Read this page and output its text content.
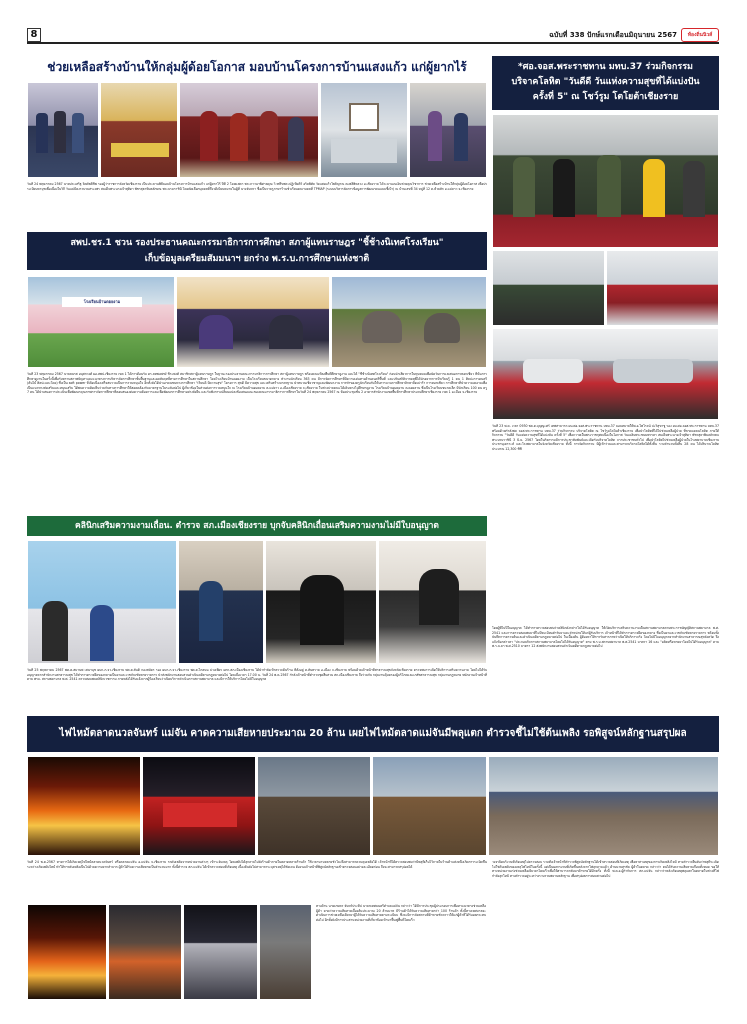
8	ฉบับที่ 338 ปักษ์แรกเดือนมิถุนายน 2567	ท้องถิ่นนิวส์
ช่วยเหลือสร้างบ้านให้กลุ่มผู้ด้อยโอกาส มอบบ้านโครงการบ้านแสงแก้ว แก่ผู้ยากไร้
วันที่ 24 พฤษภาคม 2567 นายประเสริฐ จิตต์พลีชีพ รองผู้ว่าราชการจังหวัดเชียงราย เป็นประธานพิธีมอบบ้านโครงการบ้านแสงแก้ว แก่ผู้ยากไร้ ปีที่ 2 โดยแสตา พระภาวนาพิศาลคุณ วิ.ฑทึฆพระปฏิเขียตีร์ อริยพิศัล วัดแสงแก้วโพธิญาณ ตะพลีพิหลวง อ.เชียงราย ได้ระบานงนเงินช่วยคุณวิชาการ ช่วยเหลือสร้างบ้านให้กลุ่มผู้ด้อยโอกาส เพื่อปรระเบียบหามุชเพื่อเนื่องในวิถี วันแม่มีคงรวบรมสระงพร สมเด็จพระนางเจ้าสุทิดา พัชรสุธาพิมลลักษณ พระบรมราชินี โดยคัดเลือกบุคคลที่ถึงวดีเบียนหมายในผู้ที่ นางจันทรา ชื่อเป็นรายรูภาษาร้านชั่วเรียนคณาบคลที่ TPMAP (ระบบบริหารจัดการข้อมูลการพัฒนาคนแบบชี้เป้า) ณ บ้านเลขที่ 34 หมู่ที่ 12 ต.ห้วยสัก อ.แม่ลาว จ.เชียงราย
*ศอ.จอส.พระราชทาน มทบ.37 ร่วมกิจกรรม
บริจาคโลหิต "วันดีดี วันแห่งความสุขที่ได้แบ่งปัน
ครั้งที่ 5" ณ โชว์รูม โตโยต้าเชียงราย
วันที่ 23 พ.ค. เวลา 0930 พล.ต.บุญญะศร์ เทพสามารถ ผบ.ศอ.จอส.พระราชทาน มทบ.37 มอบหมายให้พ.อ.ไพโรจน์ ปะวิสุขาชู รอง ผบ.ศอ.จอส.พระราชทาน มทบ.37 พร้อมด้วยกำลังพล จอส.พระราชทาน มทบ.37 ร่วมกิจกรรม บริจาคโลหิต ณ โชว์รูมโตโยต้าเชียงราย เพื่อนำโลหิตที่ได้ไปช่วยเหลือผู้ป่วย ที่ขาดแคลนโลหิต ภายใต้กิจกรรม "วันดีดี วันแห่งความสุขที่ได้แบ่งปัน ครั้งที่ 5" เพื่อถวายเป็นพระราชกุศลเนื่องในโอกาส วันเฉลิมพระชนมพรรษา สมเด็จพระนางเจ้าสุทิดา พัชรสุธาพิมลลักษณ พระบรมราชินี 3 มิ.ย. 2567 โดยในกิจกรรมมีการประชาสัมพันธ์และเปิดรับบริจาคโลหิต จากประชาชนทั่วไป เพื่อนำโลหิตไปช่วยเหลือผู้ป่วยในโรงพยาบาลเชียงรายประชานุเคราะห์ และโรงพยาบาลในจังหวัดเชียงราย ทั้งนี้ การจัดกิจกรรม มีผู้เข้าร่วมและสามารถบริจาคโลหิตได้ทั้งสิ้น รวมจำนวนทั้งสิ้น 28 คน ได้ปริมาณโลหิต ประมาณ 12,300 ซีซี
โดยผู้ที่ไม่ปีใบอนุญาต ได้ทำการตรวจสอบพบว่าคลินิกดังกล่าวไม่ได้รับอนุญาต ให้เปิดบริการเสริมความงามเป็นสถานพยาบาลตามพระราชบัญญัติสถานพยาบาล พ.ศ. 2541 และการตรวจสอบพบยาที่ไม่มีทะเบียนตำรับยาและจำหน่ายให้แก่ผู้รับบริการ เจ้าหน้าที่ได้ทำการตรวจยึดของกลาง ซึ่งเป็นยาและเวชภัณฑ์หลายรายการ พร้อมทั้งบันทึกการตรวจค้นและดำเนินคดีตามกฎหมายต่อไป ในเบื้องต้น ผู้ต้องหาให้การรับสารภาพว่าเปิดให้บริการจริง โดยไม่มีใบอนุญาตจากสำนักงานสาธารณสุขจังหวัด จึงแจ้งข้อกล่าวหา "ประกอบกิจการสถานพยาบาลโดยไม่ได้รับอนุญาต" ตาม พ.ร.บ.สถานพยาบาล พ.ศ.2541 มาตรา 16 และ "ผลิตหรือขายยาโดยไม่ได้รับอนุญาต" ตาม พ.ร.บ.ยา พ.ศ.2510 มาตรา 12 ส่งพนักงานสอบสวนดำเนินคดีตามกฎหมายต่อไป
สพป.ชร.1 ชวน รองประธานคณะกรรมาธิการการศึกษา สภาผู้แทนราษฎร "ชี้ช้างนิเทศโรงเรียน"
เก็บข้อมูลเตรียมสัมมนาฯ ยกร่าง พ.ร.บ.การศึกษาแห่งชาติ
โรงเรียนบ้านดอยงาม
วันที่ 23 พฤษภาคม 2567 นายธนรส อนุสกวงศ์ ผอ.สพป.เชียงราย เขต 1 ได้การต้อนรับ ดร.ลทพงศกษ์ ชีระพงศ์ สมาชิกสภาผู้แทนราษฎร ในฐานะรองประธานคณะกรรมาธิการการศึกษา สภาผู้แทนราษฎร พร้อมคณะที่ลงพื้นที่ศึกษาดูงาน และได้ "ชี้ช้างนิเทศโรงเรียน" ก่อนนำเสียวการในทุนหมมเพื่อนัดวันการแลเสนอการทอกเซียว ที่นั้นการศึกษาดูงานในครั้งนี้เพื่อรับทราบสภาพปัญหาและแนวทางการบริหารจัดการศึกษาขั้นพื้นฐานและผลสัมฤทธิ์ทางการศึกษาในสถานศึกษา โดยโรงเรียนบ้านดอยงาม เป็นโรงเรียนขนาดกลาง ทำงานนักเรียน 363 คน มีการจัดการศึกษาที่มีความเด่นทางด้านดนตรีพื้นที่ และปรับสถิติจากดลุพี่ได้นำอยากการมีรเรียนรู้ 1 คน 1 ศิลปะการดนตรี (ต้นไม้ ศิลปะและโดย) ซึ่งเป็น soft power ที่เปิดเนื่องเสร็จสมรวมเป็นการรวมหนุนใจ อีกทั้งยังได้นำเอาคนชนทางการศึกษา "เรียนดี มีความสุข" โครงการ สุขดี มีความสุข และเสริมสร้างมาตรฐาน นำทบวนเชี่ยวชาญและพัฒนางาน การทำของครูนักเรียนกับให้บการบวนการศึกษาลิกษาลีดเบ่าร้า การทอกเซียว การศึกษาที่นำความงดงามเพื่อเป็นแนวทางส่งเสริมและหนุนเสริม ได้พบความคิดเห็นร่วมกับทางการศึกษาให้สอดคล้องกับมาตรฐานในระดับต่อไป ผู้เกี่ยวข้องในส่วนต่อการรวมหนุนใจ ณ โรงเรียนบ้านดอยงาม ต.แม่ยาว อ.เมืองเชียงราย จ.เชียงราย ในช่วงบ่ายคณะได้เดินทางไปศึกษาดูงาน โรงเรียนบ้านดอยงาม ต.ดอยลาน ซึ่งเป็นโรงเรียนขนาดเล็ก มีนักเรียน 100 คน ครู 7 คน ได้นำเสนอการประเมินเพื่อพัฒนาคุณภาพการจัดการศึกษาที่ตอบสนองต่อความต้องการและเพื่อพัฒนาการศึกษาอย่างยั่งยืน และรับฟังการเปลี่ยนแปลงข้อเสนอแนะของคณะกรรมาธิการการศึกษาในวันที่ 24 พฤษภาคม 2567 ณ ห้องประชุมชั้น 2 อาคารสำนักงานเขตพื้นที่การศึกษาประถมศึกษาเชียงราย เขต 1 อ.เมือง จ.เชียงราย
คลินิกเสริมความงามเถื่อน. ตำรวจ สภ.เมืองเชียงราย บุกจับคลินิกเถื่อนเสริมความงามไม่มีใบอนุญาต
วันที่ 25 พฤษภาคม 2567 พต.ต.สมานพ เสนานุช ผบก.ภ.จว.เชียงราย พต.ต.สันติ กองสมัคร รอง ผบก.ภ.จว.เชียงราย พต.ต.ไกลนน ม่วงเพียร ผกก.สภ.เมืองเชียงราย ได้นำกำลังเข้าตรวจค้นร้าน ที่ตั้งอยู่ ต.สันทราย อ.เมือง จ.เชียงราย พร้อมด้วยเจ้าหน้าที่สาธารณสุขจังหวัดเชียงราย ตรวจพบการเปิดให้บริการเสริมความงาม โดยไม่ได้รับอนุญาตจากสำนักงานสาธารณสุข ได้ทำการตรวจยึดของกลางเป็นยาและเวชภัณฑ์หลายรายการ นำส่งพนักงานสอบสวนดำเนินคดีตามกฎหมายต่อไป โดยเมื่อเวลา 17.00 น. วันที่ 24 พ.ค.2567 กำลังเจ้าหน้าที่ตำรวจชุดสืบสวน สภ.เมืองเชียงราย จึงร่วมกับ กลุ่มงานคุ้มครองผู้บริโภคและเภสัชสาธารณสุข กลุ่มงานกฎหมาย พนักงานเจ้าหน้าที่ตาม พรบ. สถานพยาบาล พ.ศ. 2541 ตรวจสอบพบคลินิกเวชกรรม ภายหลังได้รับแจ้งจากผู้ร้องเรียนว่าเปิดบริการดำเนินการสถานพยาบาล และมีการให้บริการโดยไม่มีใบอนุญาต
ไฟไหม้ตลาดนวลจันทร์ แม่จัน คาดความเสียหายประมาณ 20 ล้าน เผยไฟไหม้ตลาดแม่จันมีพลุแตก ตำรวจชี้ไม่ใช้ต้นเพลิง รอพิสูจน์หลักฐานสรุปผล
วันที่ 24 พ.ค.2567 ทางการได้เกิดเหตุไฟไหม้ตลาดนวลจันทร์ หรือตลาดแม่จัน อ.แม่จัน จ.เชียงราย รถดับเพลิงจากหน่วยงานต่างๆ เข้าระงับเหตุ โดยเพลิงได้ลุกลามไปยังร้านค้าภายในตลาดหลายร้านค้า ใช้เวลานานหลายชั่วโมงจึงสามารถควบคุมเพลิงได้ เจ้าหน้าที่ได้ตรวจสอบพบว่ามีพลุที่เก็บไว้ภายในร้านค้าแห่งหนึ่งเกิดการระเบิดขึ้นระหว่างเกิดเพลิงไหม้ ทำให้การดับเพลิงเป็นไปด้วยความยากลำบาก ผู้ค้าได้รับความเสียหายเป็นจำนวนมาก ทั้งนี้ตำรวจ สภ.แม่จัน ได้เข้าตรวจสอบที่เกิดเหตุ เบื้องต้นยังไม่สามารถระบุสาเหตุได้ชัดเจน ต้องรอเจ้าหน้าที่พิสูจน์หลักฐานเข้าตรวจสอบอย่างละเอียดก่อน จึงจะสามารถสรุปผลได้
ทางด้าน นายเกษตร จันทร์ประทีป นายกเทศมนตรีตำบลแม่จัน กล่าวว่า ได้มีการประชุมผู้ประกอบการเพื่อหาแนวทางช่วยเหลือผู้ค้า คาดว่าความเสียหายเบื้องต้นประมาณ 20 ล้านบาท มีร้านค้าได้รับความเสียหายกว่า 100 ร้านค้า ทั้งนี้ทางเทศบาลจะดำเนินการช่วยเหลือเยียวยาผู้ได้รับความเสียหายตามระเบียบ ซึ่งจะมีการจัดสถานที่ค้าขายชั่วคราวให้แก่ผู้ค้าที่ได้รับผลกระทบต่อไป อีกทั้งยังมีการประสานหน่วยงานที่เกี่ยวข้องเข้ามาฟื้นฟูพื้นที่โดยเร็ว
วงจรปิดบริเวณที่เกิดเหตุไปตรวจสอบ รวมทั้งเจ้าหน้าที่ตำรวจพิสูจน์หลักฐานได้เข้าตรวจสอบที่เกิดเหตุ เพื่อหาสาเหตุของการเกิดเพลิงไหม้ ทางตำรวจยืนยันว่าพลุที่ระเบิดไม่ใช่ต้นเพลิงของเหตุไฟไหม้ในครั้งนี้ แต่เป็นผลกระทบที่เกิดขึ้นหลังจากไฟลุกลามแล้ว ด้านนายสุรชัย ผู้ค้าในตลาด กล่าวว่า ตนได้รับความเสียหายเกือบทั้งหมด ขอให้ทางหน่วยงานเร่งช่วยเหลือเยียวยาโดยเร็วเพื่อให้สามารถกลับมาค้าขายได้อีกครั้ง ทั้งนี้ พ.ต.อ.ผู้กำกับการ สภ.แม่จัน กล่าวว่าหลังเกิดเหตุพลุแตกในตลาดในช่วงที่ไฟกำลังลุกไหม้ ทางตำรวจอยู่ระหว่างรวบรวมพยานหลักฐาน เพื่อสรุปผลการสอบสวนต่อไป
